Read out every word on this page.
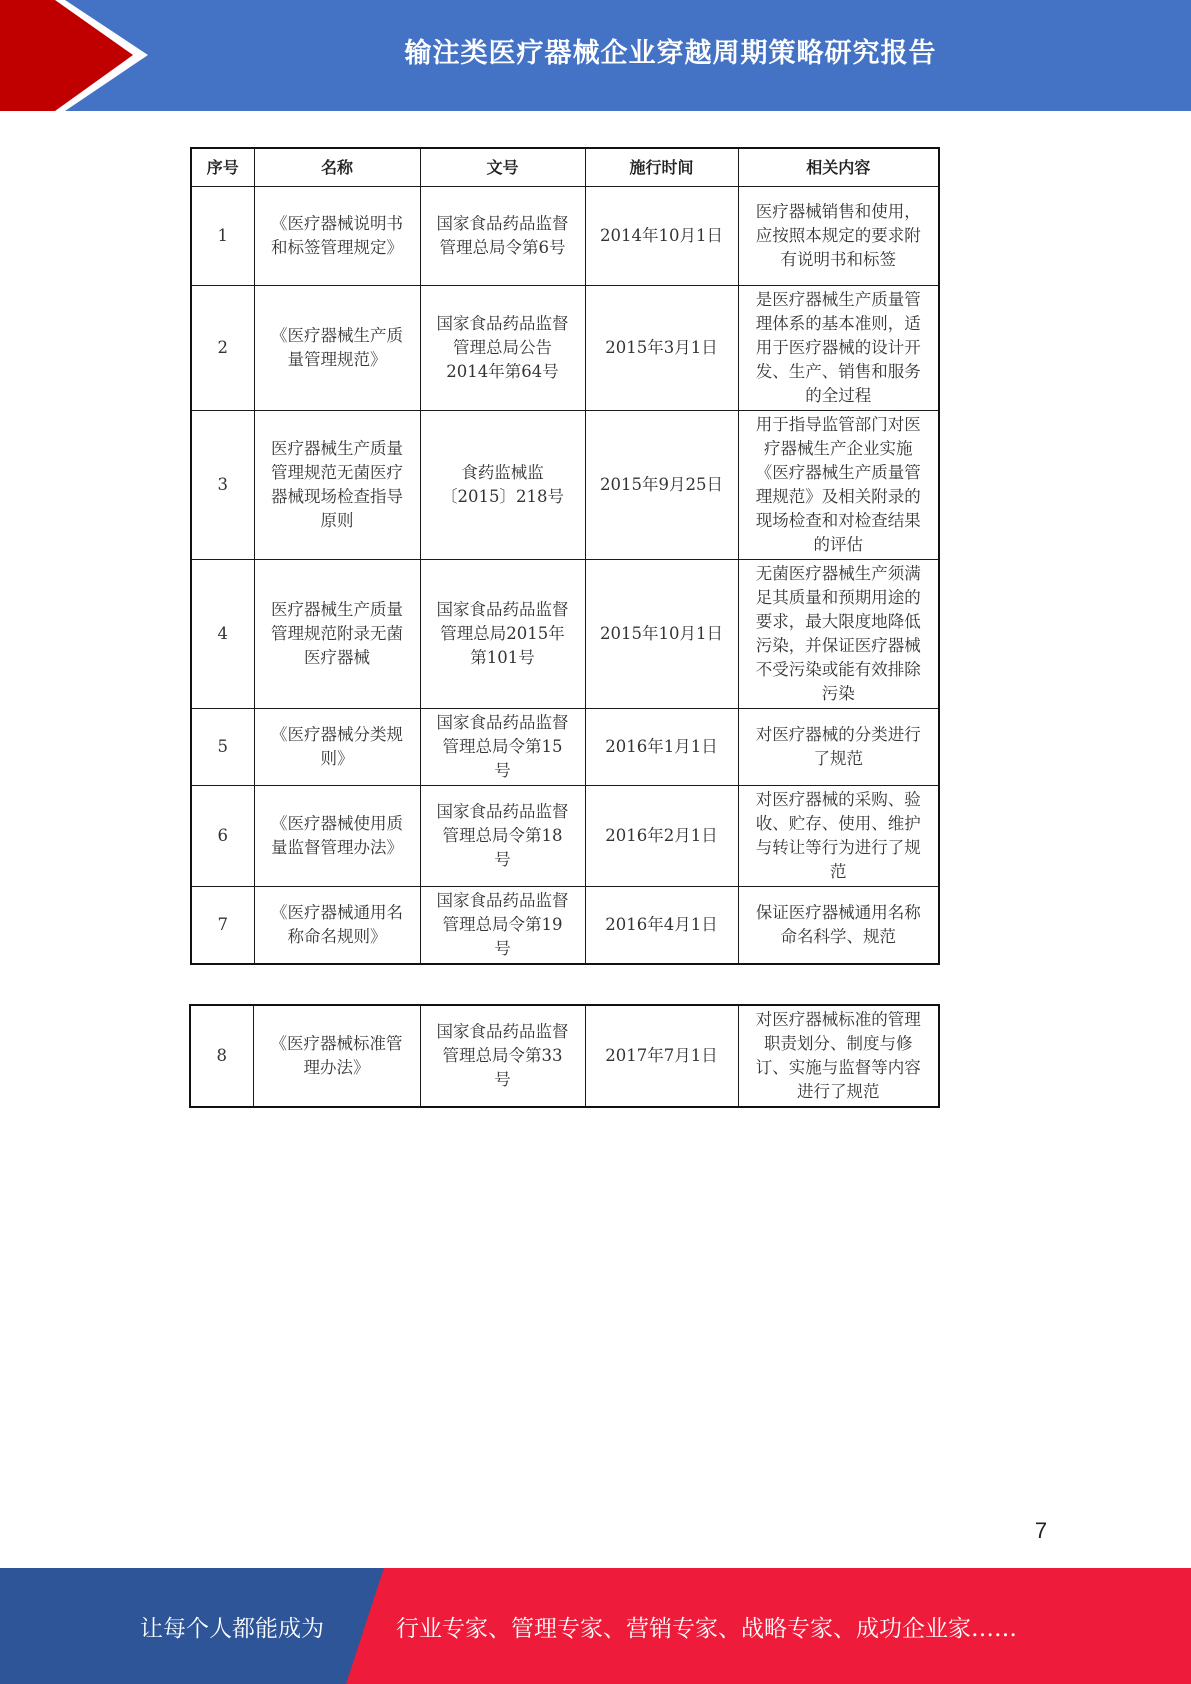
输注类医疗器械企业穿越周期策略研究报告
序号	名称	文号	施行时间	相关内容
1	《医疗器械说明书和标签管理规定》	国家食品药品监督管理总局令第6号	2014年10月1日	医疗器械销售和使用，应按照本规定的要求附有说明书和标签
2	《医疗器械生产质量管理规范》	国家食品药品监督管理总局公告2014年第64号	2015年3月1日	是医疗器械生产质量管理体系的基本准则，适用于医疗器械的设计开发、生产、销售和服务的全过程
3	医疗器械生产质量管理规范无菌医疗器械现场检查指导原则	食药监械监〔2015〕218号	2015年9月25日	用于指导监管部门对医疗器械生产企业实施《医疗器械生产质量管理规范》及相关附录的现场检查和对检查结果的评估
4	医疗器械生产质量管理规范附录无菌医疗器械	国家食品药品监督管理总局2015年第101号	2015年10月1日	无菌医疗器械生产须满足其质量和预期用途的要求，最大限度地降低污染，并保证医疗器械不受污染或能有效排除污染
5	《医疗器械分类规则》	国家食品药品监督管理总局令第15号	2016年1月1日	对医疗器械的分类进行了规范
6	《医疗器械使用质量监督管理办法》	国家食品药品监督管理总局令第18号	2016年2月1日	对医疗器械的采购、验收、贮存、使用、维护与转让等行为进行了规范
7	《医疗器械通用名称命名规则》	国家食品药品监督管理总局令第19号	2016年4月1日	保证医疗器械通用名称命名科学、规范
8	《医疗器械标准管理办法》	国家食品药品监督管理总局令第33号	2017年7月1日	对医疗器械标准的管理职责划分、制度与修订、实施与监督等内容进行了规范
7
让每个人都能成为	行业专家、管理专家、营销专家、战略专家、成功企业家……
